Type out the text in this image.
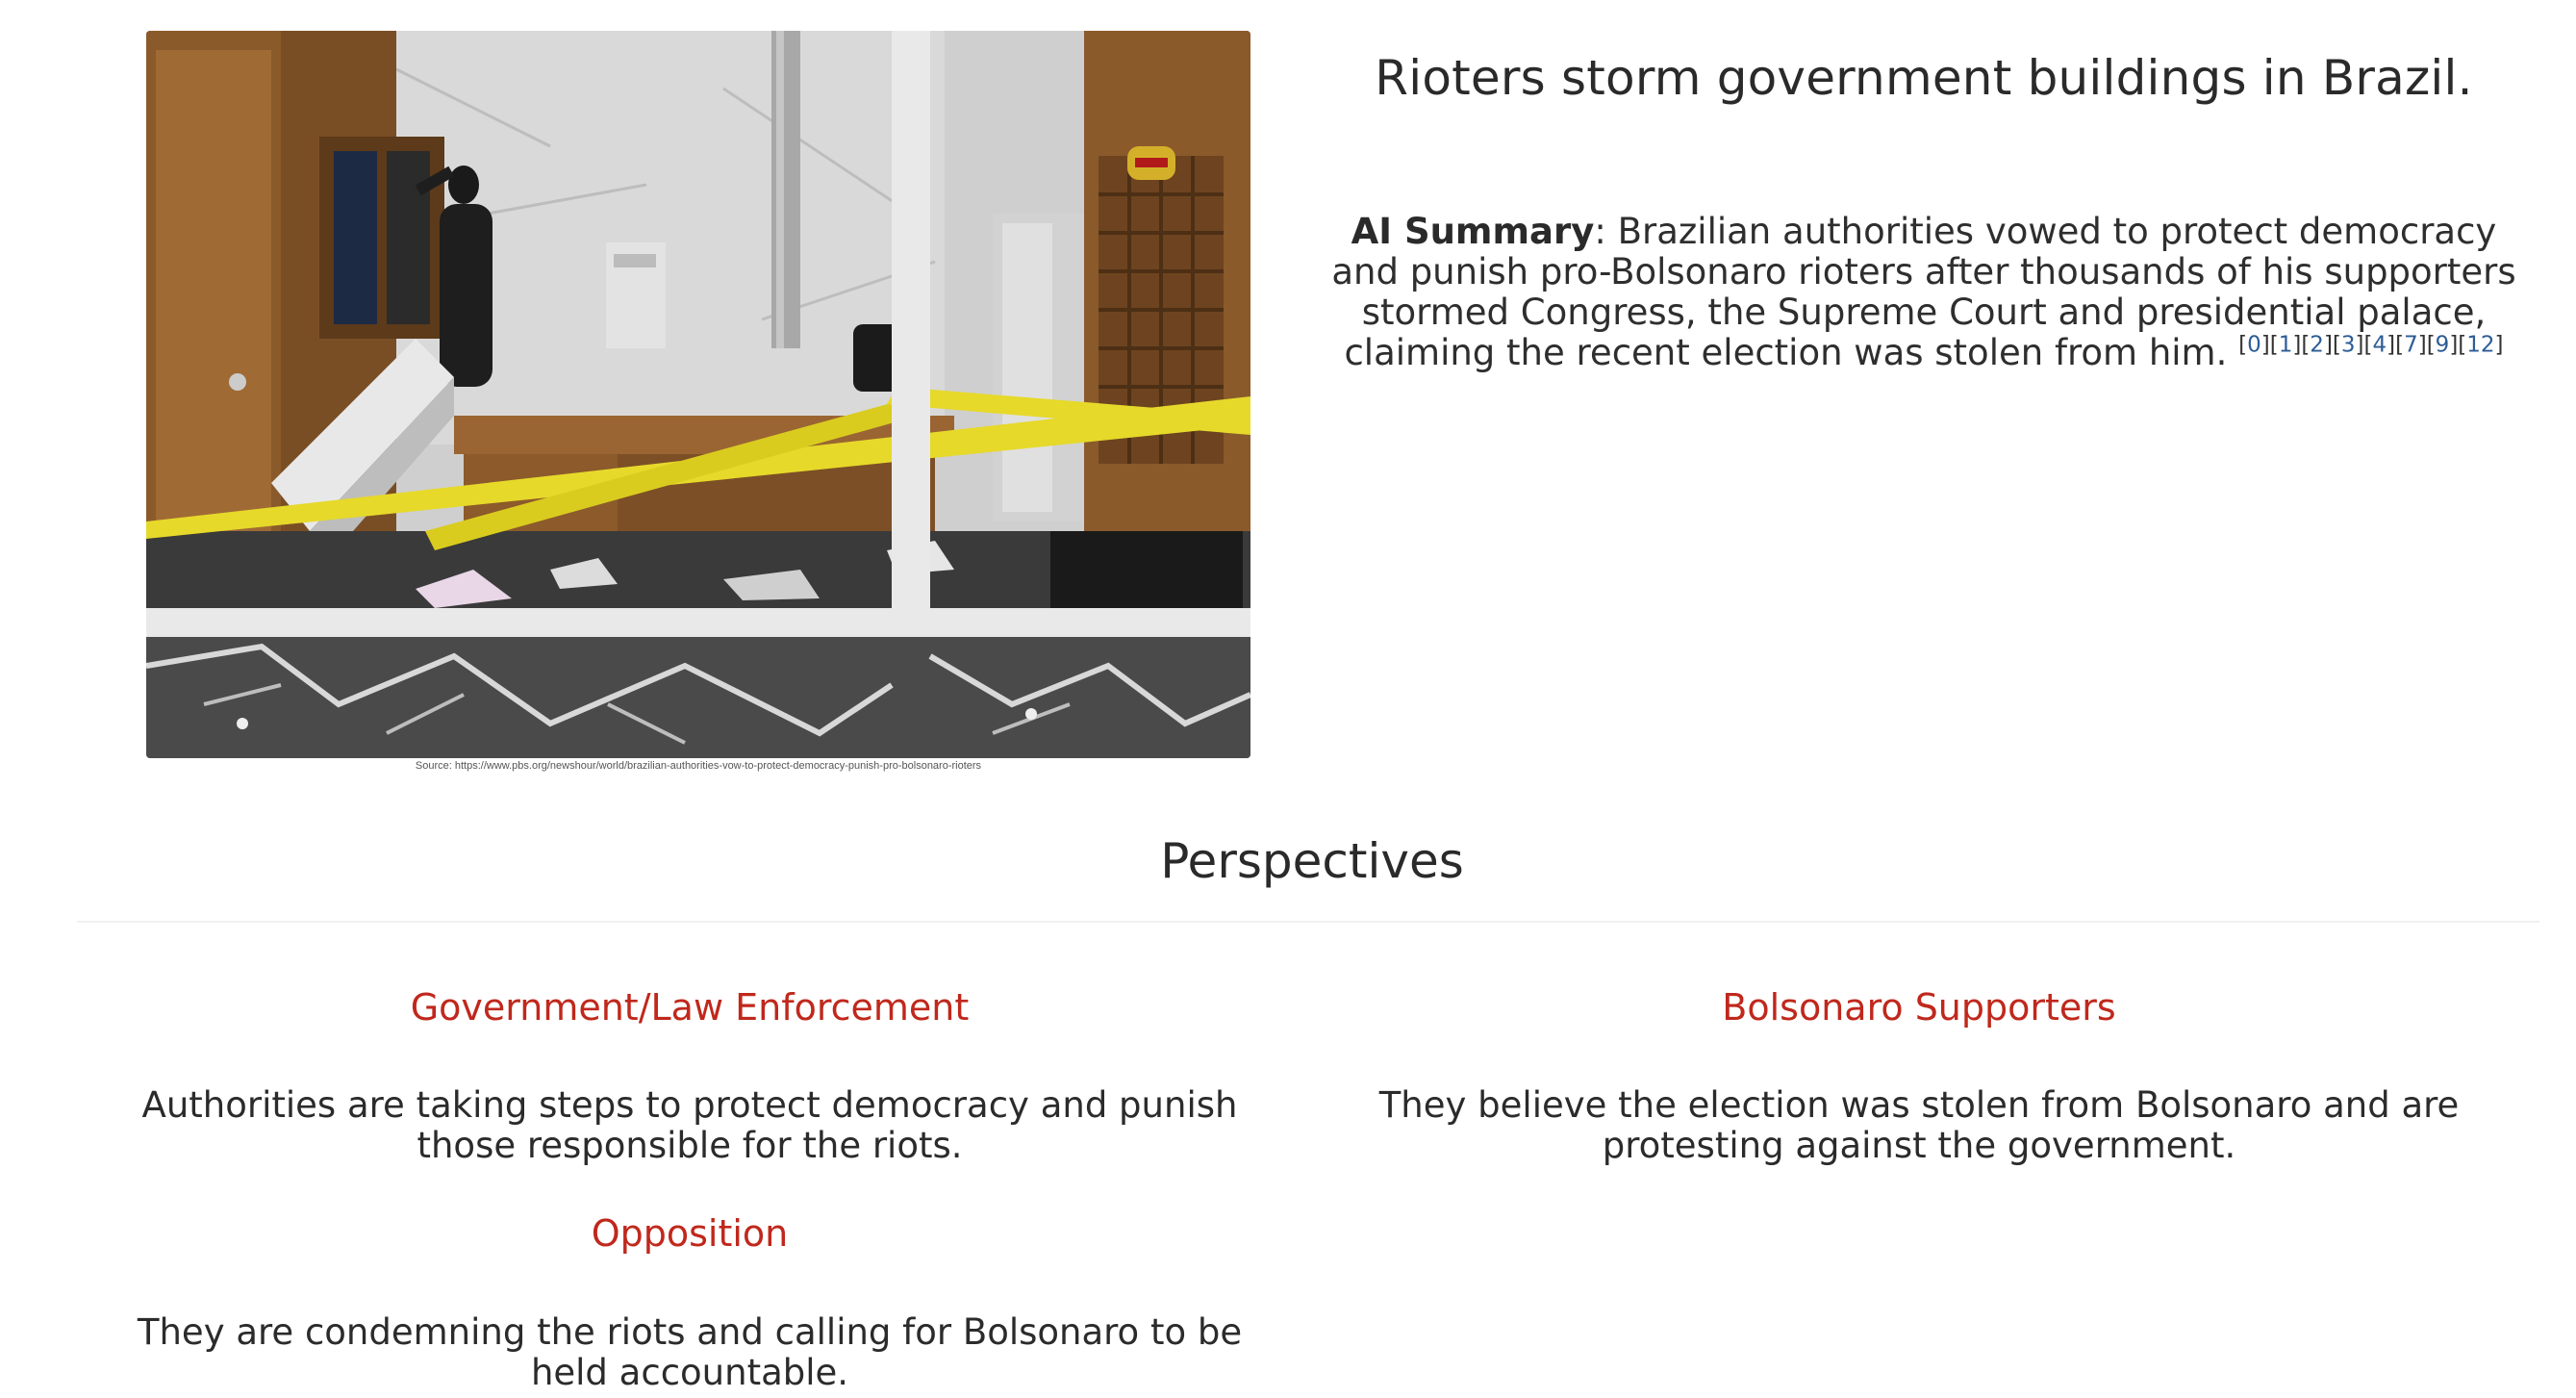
Source: https://www.pbs.org/newshour/world/brazilian-authorities-vow-to-protect-democracy-punish-pro-bolsonaro-rioters
Rioters storm government buildings in Brazil.

AI Summary: Brazilian authorities vowed to protect democracy and punish pro-Bolsonaro rioters after thousands of his supporters stormed Congress, the Supreme Court and presidential palace, claiming the recent election was stolen from him. [0][1][2][3][4][7][9][12]

Perspectives
Government/Law Enforcement

Authorities are taking steps to protect democracy and punish those responsible for the riots.

Bolsonaro Supporters

They believe the election was stolen from Bolsonaro and are protesting against the government.

Opposition

They are condemning the riots and calling for Bolsonaro to be held accountable.
